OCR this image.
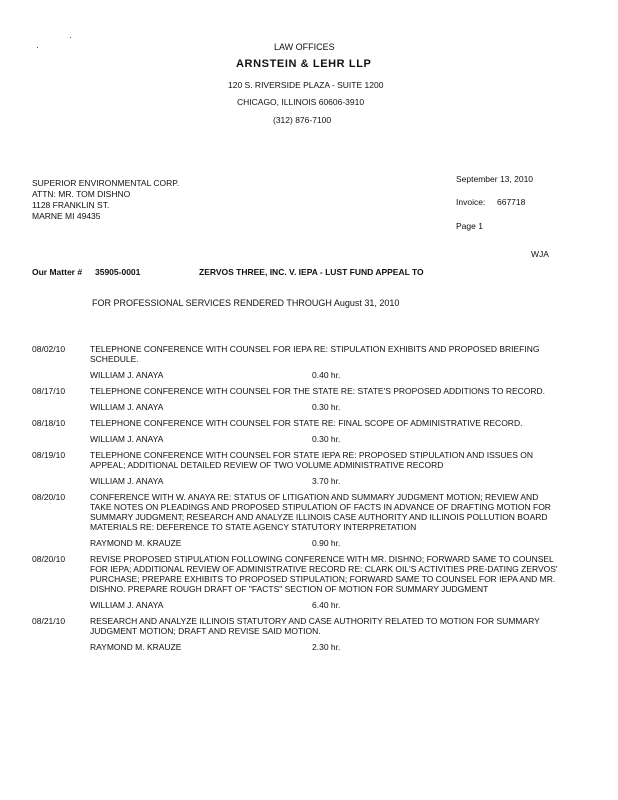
LAW OFFICES
ARNSTEIN & LEHR LLP
120 S. RIVERSIDE PLAZA - SUITE 1200
CHICAGO, ILLINOIS 60606-3910
(312) 876-7100
SUPERIOR ENVIRONMENTAL CORP.
ATTN: MR. TOM DISHNO
1128 FRANKLIN ST.
MARNE MI 49435
September 13, 2010
Invoice: 667718
Page 1
WJA
Our Matter # 35905-0001	ZERVOS THREE, INC. V. IEPA - LUST FUND APPEAL TO
FOR PROFESSIONAL SERVICES RENDERED THROUGH August 31, 2010
08/02/10	TELEPHONE CONFERENCE WITH COUNSEL FOR IEPA RE: STIPULATION EXHIBITS AND PROPOSED BRIEFING SCHEDULE.
WILLIAM J. ANAYA	0.40 hr.
08/17/10	TELEPHONE CONFERENCE WITH COUNSEL FOR THE STATE RE: STATE'S PROPOSED ADDITIONS TO RECORD.
WILLIAM J. ANAYA	0.30 hr.
08/18/10	TELEPHONE CONFERENCE WITH COUNSEL FOR STATE RE: FINAL SCOPE OF ADMINISTRATIVE RECORD.
WILLIAM J. ANAYA	0.30 hr.
08/19/10	TELEPHONE CONFERENCE WITH COUNSEL FOR STATE IEPA RE: PROPOSED STIPULATION AND ISSUES ON APPEAL; ADDITIONAL DETAILED REVIEW OF TWO VOLUME ADMINISTRATIVE RECORD
WILLIAM J. ANAYA	3.70 hr.
08/20/10	CONFERENCE WITH W. ANAYA RE: STATUS OF LITIGATION AND SUMMARY JUDGMENT MOTION; REVIEW AND TAKE NOTES ON PLEADINGS AND PROPOSED STIPULATION OF FACTS IN ADVANCE OF DRAFTING MOTION FOR SUMMARY JUDGMENT; RESEARCH AND ANALYZE ILLINOIS CASE AUTHORITY AND ILLINOIS POLLUTION BOARD MATERIALS RE: DEFERENCE TO STATE AGENCY STATUTORY INTERPRETATION
RAYMOND M. KRAUZE	0.90 hr.
08/20/10	REVISE PROPOSED STIPULATION FOLLOWING CONFERENCE WITH MR. DISHNO; FORWARD SAME TO COUNSEL FOR IEPA; ADDITIONAL REVIEW OF ADMINISTRATIVE RECORD RE: CLARK OIL'S ACTIVITIES PRE-DATING ZERVOS' PURCHASE; PREPARE EXHIBITS TO PROPOSED STIPULATION; FORWARD SAME TO COUNSEL FOR IEPA AND MR. DISHNO. PREPARE ROUGH DRAFT OF "FACTS" SECTION OF MOTION FOR SUMMARY JUDGMENT
WILLIAM J. ANAYA	6.40 hr.
08/21/10	RESEARCH AND ANALYZE ILLINOIS STATUTORY AND CASE AUTHORITY RELATED TO MOTION FOR SUMMARY JUDGMENT MOTION; DRAFT AND REVISE SAID MOTION.
RAYMOND M. KRAUZE	2.30 hr.
